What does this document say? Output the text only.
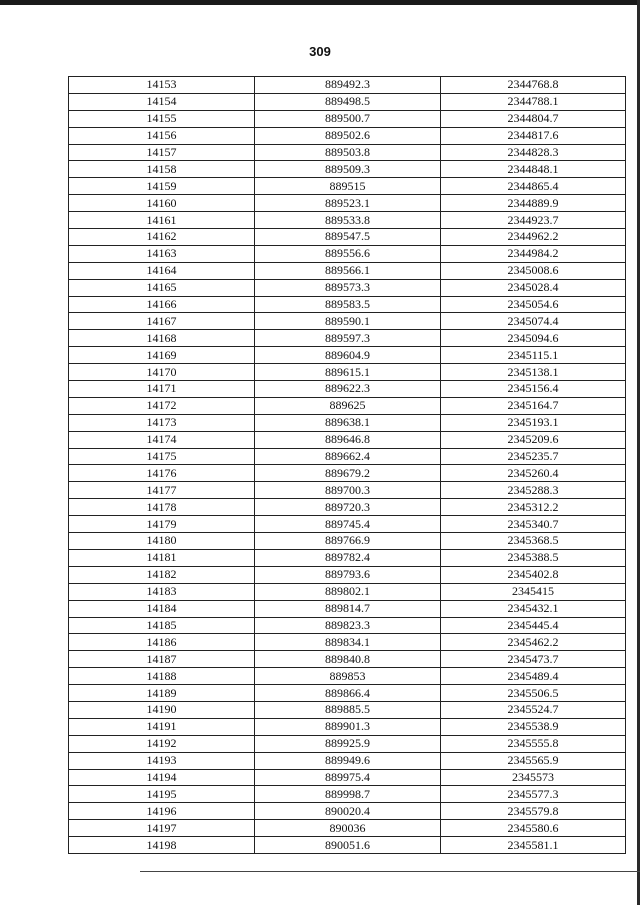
309
14153	889492.3	2344768.8
14154	889498.5	2344788.1
14155	889500.7	2344804.7
14156	889502.6	2344817.6
14157	889503.8	2344828.3
14158	889509.3	2344848.1
14159	889515	2344865.4
14160	889523.1	2344889.9
14161	889533.8	2344923.7
14162	889547.5	2344962.2
14163	889556.6	2344984.2
14164	889566.1	2345008.6
14165	889573.3	2345028.4
14166	889583.5	2345054.6
14167	889590.1	2345074.4
14168	889597.3	2345094.6
14169	889604.9	2345115.1
14170	889615.1	2345138.1
14171	889622.3	2345156.4
14172	889625	2345164.7
14173	889638.1	2345193.1
14174	889646.8	2345209.6
14175	889662.4	2345235.7
14176	889679.2	2345260.4
14177	889700.3	2345288.3
14178	889720.3	2345312.2
14179	889745.4	2345340.7
14180	889766.9	2345368.5
14181	889782.4	2345388.5
14182	889793.6	2345402.8
14183	889802.1	2345415
14184	889814.7	2345432.1
14185	889823.3	2345445.4
14186	889834.1	2345462.2
14187	889840.8	2345473.7
14188	889853	2345489.4
14189	889866.4	2345506.5
14190	889885.5	2345524.7
14191	889901.3	2345538.9
14192	889925.9	2345555.8
14193	889949.6	2345565.9
14194	889975.4	2345573
14195	889998.7	2345577.3
14196	890020.4	2345579.8
14197	890036	2345580.6
14198	890051.6	2345581.1
